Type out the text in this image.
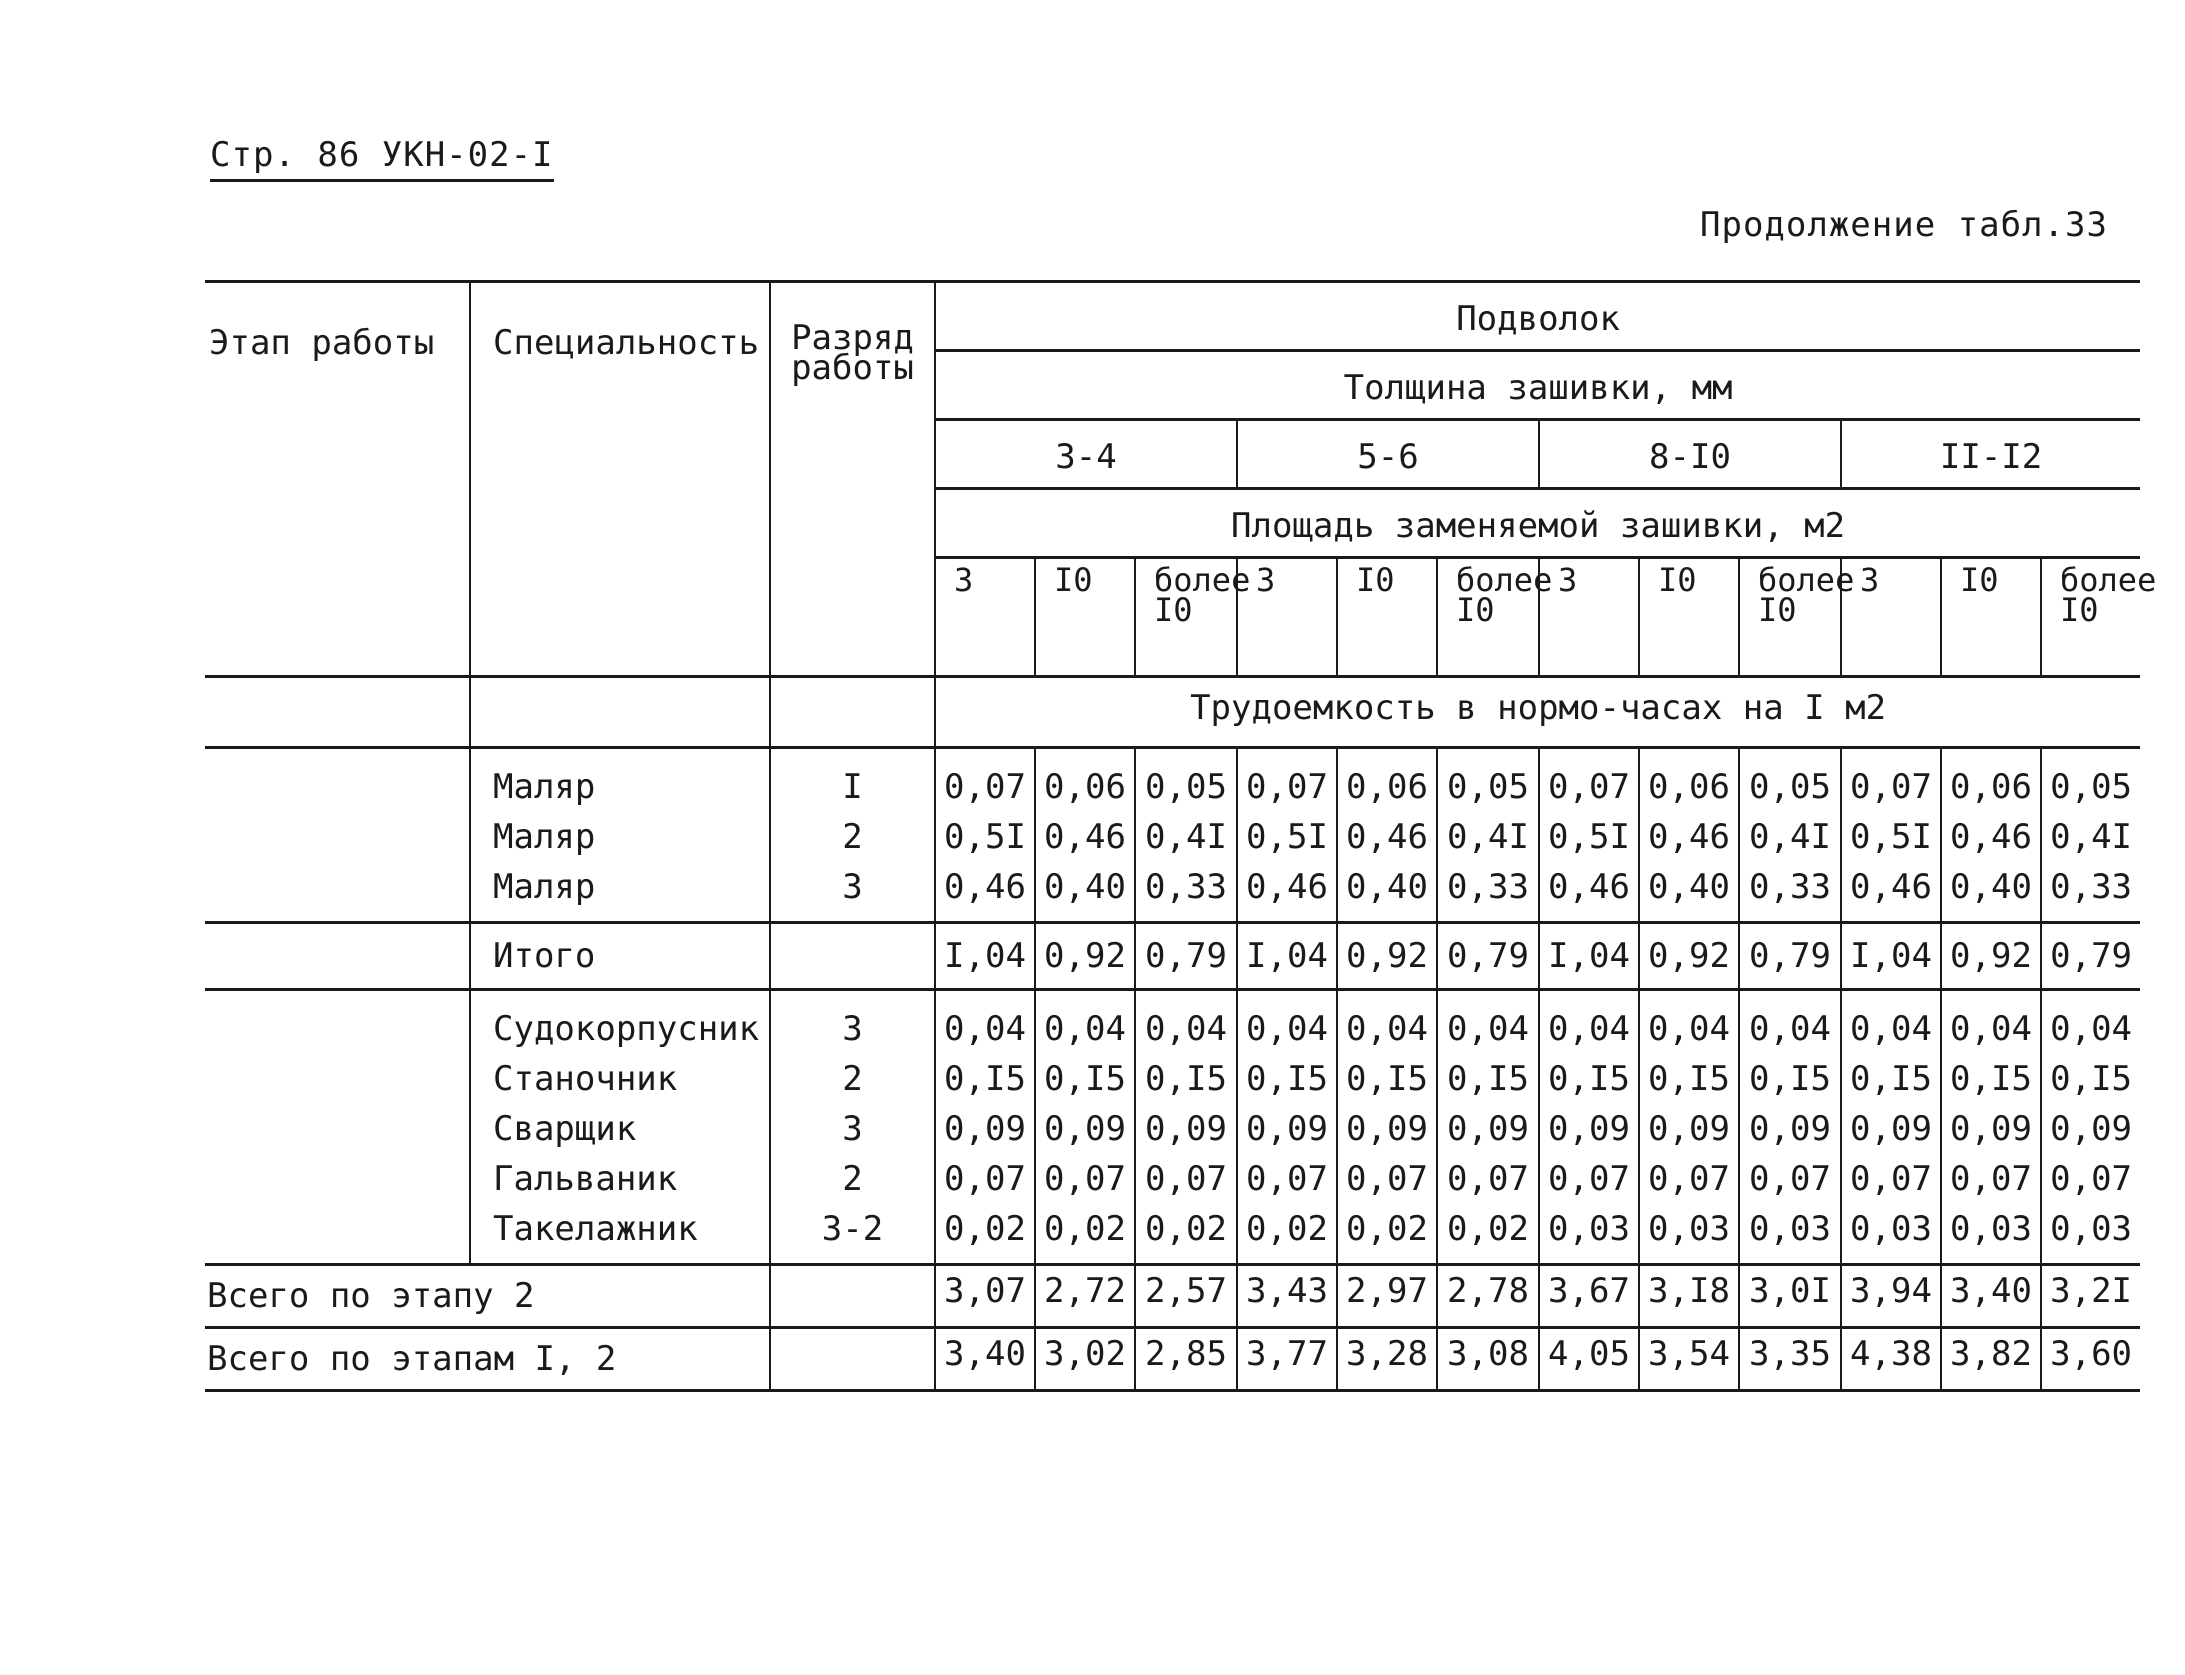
Стр. 86 УКН-02-I
Продолжение табл.33
Этап работы	Специальность	Разряд работы	Подволок											
			Толщина зашивки, мм											
			3-4			5-6			8-I0			II-I2		
			Площадь заменяемой зашивки, м2											
			3	I0	более I0	3	I0	более I0	3	I0	более I0	3	I0	более I0
			Трудоемкость в нормо-часах на I м2											
	Маляр	I	0,07	0,06	0,05	0,07	0,06	0,05	0,07	0,06	0,05	0,07	0,06	0,05
	Маляр	2	0,5I	0,46	0,4I	0,5I	0,46	0,4I	0,5I	0,46	0,4I	0,5I	0,46	0,4I
	Маляр	3	0,46	0,40	0,33	0,46	0,40	0,33	0,46	0,40	0,33	0,46	0,40	0,33
	Итого		I,04	0,92	0,79	I,04	0,92	0,79	I,04	0,92	0,79	I,04	0,92	0,79
	Судокорпусник	3	0,04	0,04	0,04	0,04	0,04	0,04	0,04	0,04	0,04	0,04	0,04	0,04
	Станочник	2	0,I5	0,I5	0,I5	0,I5	0,I5	0,I5	0,I5	0,I5	0,I5	0,I5	0,I5	0,I5
	Сварщик	3	0,09	0,09	0,09	0,09	0,09	0,09	0,09	0,09	0,09	0,09	0,09	0,09
	Гальваник	2	0,07	0,07	0,07	0,07	0,07	0,07	0,07	0,07	0,07	0,07	0,07	0,07
	Такелажник	3-2	0,02	0,02	0,02	0,02	0,02	0,02	0,03	0,03	0,03	0,03	0,03	0,03
Всего по этапу 2			3,07	2,72	2,57	3,43	2,97	2,78	3,67	3,I8	3,0I	3,94	3,40	3,2I
Всего по этапам I, 2			3,40	3,02	2,85	3,77	3,28	3,08	4,05	3,54	3,35	4,38	3,82	3,60
